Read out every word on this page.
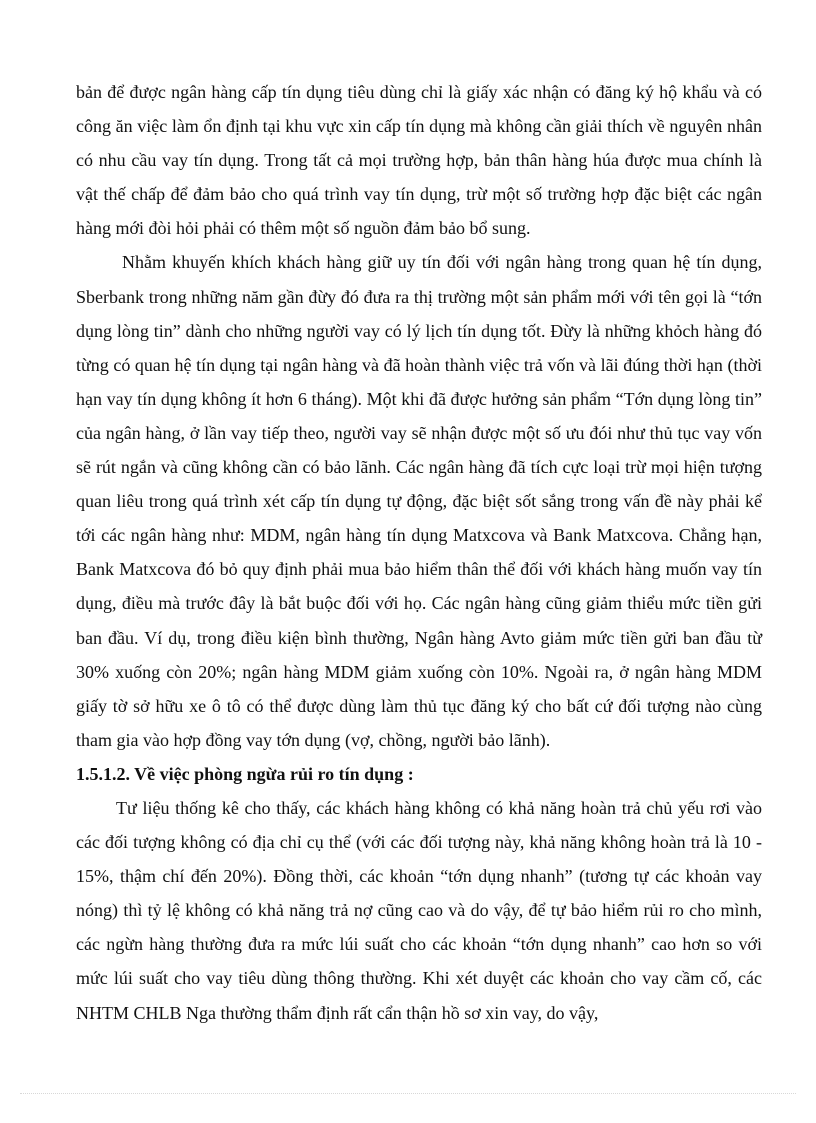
bản để được ngân hàng cấp tín dụng tiêu dùng chỉ là giấy xác nhận có đăng ký hộ khẩu và có công ăn việc làm ổn định tại khu vực xin cấp tín dụng mà không cần giải thích về nguyên nhân có nhu cầu vay tín dụng. Trong tất cả mọi trường hợp, bản thân hàng húa được mua chính là vật thế chấp để đảm bảo cho quá trình vay tín dụng, trừ một số trường hợp đặc biệt các ngân hàng mới đòi hỏi phải có thêm một số nguồn đảm bảo bổ sung.

Nhằm khuyến khích khách hàng giữ uy tín đối với ngân hàng trong quan hệ tín dụng, Sberbank trong những năm gần đừy đó đưa ra thị trường một sản phẩm mới với tên gọi là “tớn dụng lòng tin” dành cho những người vay có lý lịch tín dụng tốt. Đừy là những khỏch hàng đó từng có quan hệ tín dụng tại ngân hàng và đã hoàn thành việc trả vốn và lãi đúng thời hạn (thời hạn vay tín dụng không ít hơn 6 tháng). Một khi đã được hưởng sản phẩm “Tớn dụng lòng tin” của ngân hàng, ở lần vay tiếp theo, người vay sẽ nhận được một số ưu đói như thủ tục vay vốn sẽ rút ngắn và cũng không cần có bảo lãnh. Các ngân hàng đã tích cực loại trừ mọi hiện tượng quan liêu trong quá trình xét cấp tín dụng tự động, đặc biệt sốt sắng trong vấn đề này phải kể tới các ngân hàng như: MDM, ngân hàng tín dụng Matxcova và Bank Matxcova. Chẳng hạn, Bank Matxcova đó bỏ quy định phải mua bảo hiểm thân thể đối với khách hàng muốn vay tín dụng, điều mà trước đây là bắt buộc đối với họ. Các ngân hàng cũng giảm thiểu mức tiền gửi ban đầu. Ví dụ, trong điều kiện bình thường, Ngân hàng Avto giảm mức tiền gửi ban đầu từ 30% xuống còn 20%; ngân hàng MDM giảm xuống còn 10%. Ngoài ra, ở ngân hàng MDM giấy tờ sở hữu xe ô tô có thể được dùng làm thủ tục đăng ký cho bất cứ đối tượng nào cùng tham gia vào hợp đồng vay tớn dụng (vợ, chồng, người bảo lãnh).

1.5.1.2. Về việc phòng ngừa rủi ro tín dụng :

Tư liệu thống kê cho thấy, các khách hàng không có khả năng hoàn trả chủ yếu rơi vào các đối tượng không có địa chỉ cụ thể (với các đối tượng này, khả năng không hoàn trả là 10 - 15%, thậm chí đến 20%). Đồng thời, các khoản “tớn dụng nhanh” (tương tự các khoản vay nóng) thì tỷ lệ không có khả năng trả nợ cũng cao và do vậy, để tự bảo hiểm rủi ro cho mình, các ngừn hàng thường đưa ra mức lúi suất cho các khoản “tớn dụng nhanh” cao hơn so với mức lúi suất cho vay tiêu dùng thông thường. Khi xét duyệt các khoản cho vay cầm cố, các NHTM CHLB Nga thường thẩm định rất cẩn thận hồ sơ xin vay, do vậy,
